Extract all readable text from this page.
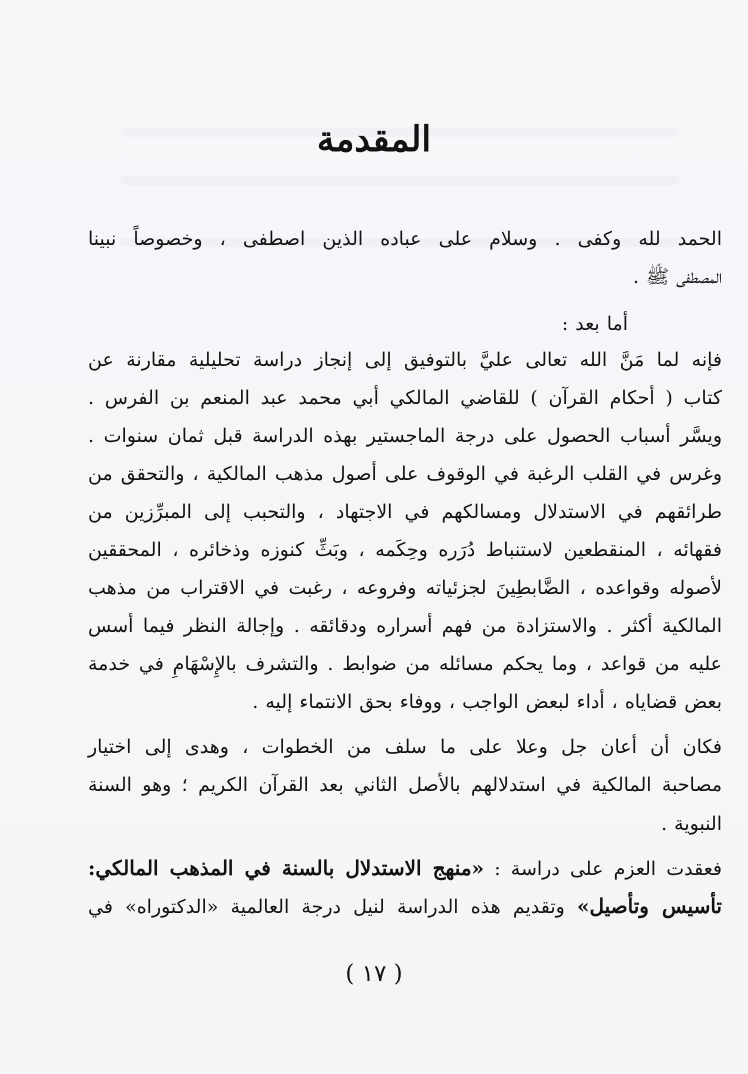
المقدمة
الحمد لله وكفى . وسلام على عباده الذين اصطفى ، وخصوصاً نبينا
المصطفى ﷺ .
أما بعد :
فإنه لما مَنَّ الله تعالى عليَّ بالتوفيق إلى إنجاز دراسة تحليلية مقارنة عن
كتاب ( أحكام القرآن ) للقاضي المالكي أبي محمد عبد المنعم بن الفرس .
ويسَّر أسباب الحصول على درجة الماجستير بهذه الدراسة قبل ثمان سنوات .
وغرس في القلب الرغبة في الوقوف على أصول مذهب المالكية ، والتحقق من
طرائقهم في الاستدلال ومسالكهم في الاجتهاد ، والتحبب إلى المبرِّزين من
فقهائه ، المنقطعين لاستنباط دُرَره وحِكَمه ، وبَثِّ كنوزه وذخائره ، المحققين
لأصوله وقواعده ، الضَّابطِينَ لجزئياته وفروعه ، رغبت في الاقتراب من مذهب
المالكية أكثر . والاستزادة من فهم أسراره ودقائقه . وإجالة النظر فيما أسس
عليه من قواعد ، وما يحكم مسائله من ضوابط . والتشرف بالإِسْهَامِ في خدمة
بعض قضاياه ، أداء لبعض الواجب ، ووفاء بحق الانتماء إليه .
فكان أن أعان جل وعلا على ما سلف من الخطوات ، وهدى إلى اختيار
مصاحبة المالكية في استدلالهم بالأصل الثاني بعد القرآن الكريم ؛ وهو السنة
النبوية .
فعقدت العزم على دراسة : «منهج الاستدلال بالسنة في المذهب المالكي:
تأسيس وتأصيل» وتقديم هذه الدراسة لنيل درجة العالمية «الدكتوراه» في
( ١٧ )
